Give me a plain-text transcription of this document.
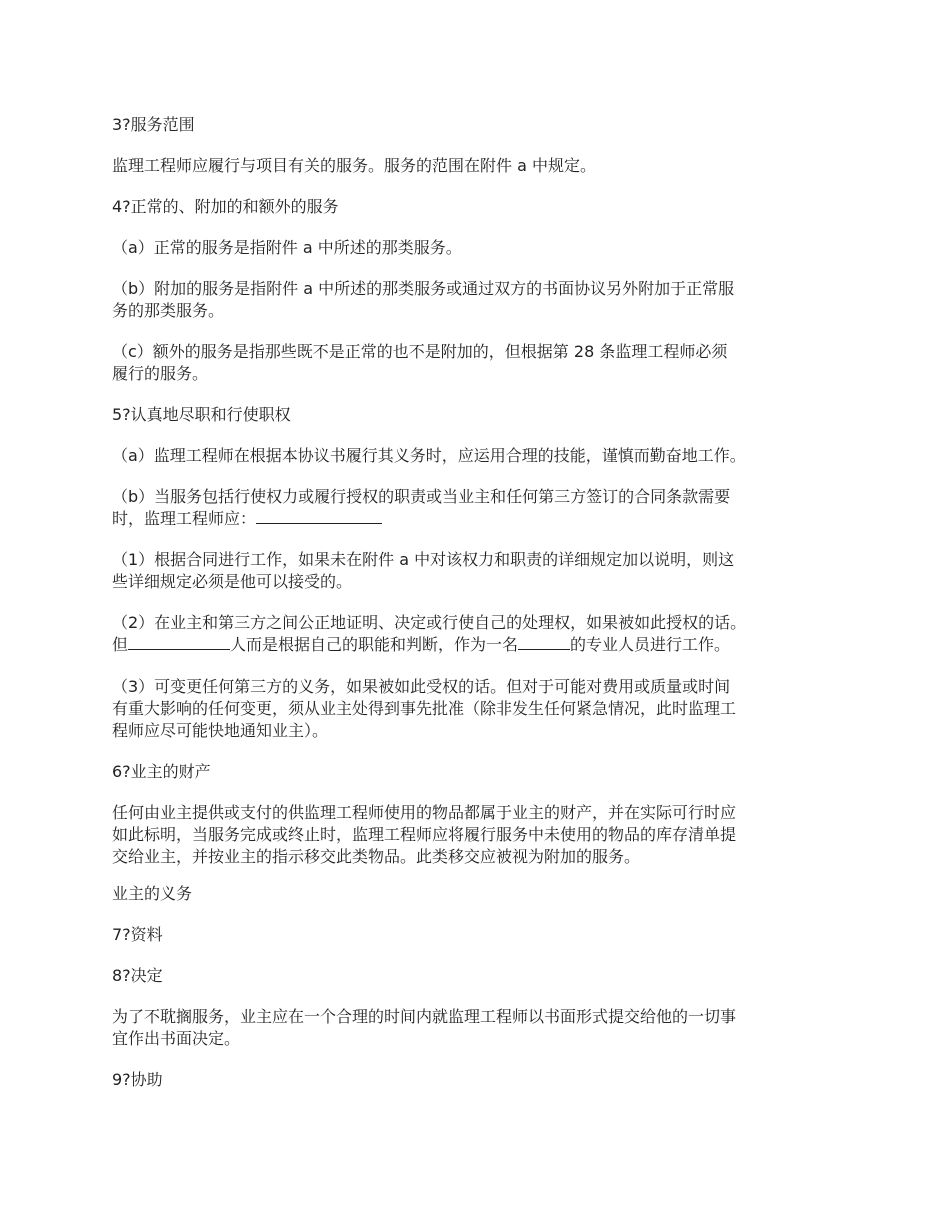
3?服务范围

监理工程师应履行与项目有关的服务。服务的范围在附件 a 中规定。

4?正常的、附加的和额外的服务

（a）正常的服务是指附件 a 中所述的那类服务。

（b）附加的服务是指附件 a 中所述的那类服务或通过双方的书面协议另外附加于正常服
务的那类服务。

（c）额外的服务是指那些既不是正常的也不是附加的，但根据第 28 条监理工程师必须
履行的服务。

5?认真地尽职和行使职权

（a）监理工程师在根据本协议书履行其义务时，应运用合理的技能，谨慎而勤奋地工作。

（b）当服务包括行使权力或履行授权的职责或当业主和任何第三方签订的合同条款需要
时，监理工程师应：

（1）根据合同进行工作，如果未在附件 a 中对该权力和职责的详细规定加以说明，则这
些详细规定必须是他可以接受的。

（2）在业主和第三方之间公正地证明、决定或行使自己的处理权，如果被如此授权的话。
但	人而是根据自己的职能和判断，作为一名	的专业人员进行工作。

（3）可变更任何第三方的义务，如果被如此受权的话。但对于可能对费用或质量或时间
有重大影响的任何变更，须从业主处得到事先批准（除非发生任何紧急情况，此时监理工
程师应尽可能快地通知业主）。

6?业主的财产

任何由业主提供或支付的供监理工程师使用的物品都属于业主的财产，并在实际可行时应
如此标明，当服务完成或终止时，监理工程师应将履行服务中未使用的物品的库存清单提
交给业主，并按业主的指示移交此类物品。此类移交应被视为附加的服务。

业主的义务

7?资料

8?决定

为了不耽搁服务，业主应在一个合理的时间内就监理工程师以书面形式提交给他的一切事
宜作出书面决定。

9?协助
